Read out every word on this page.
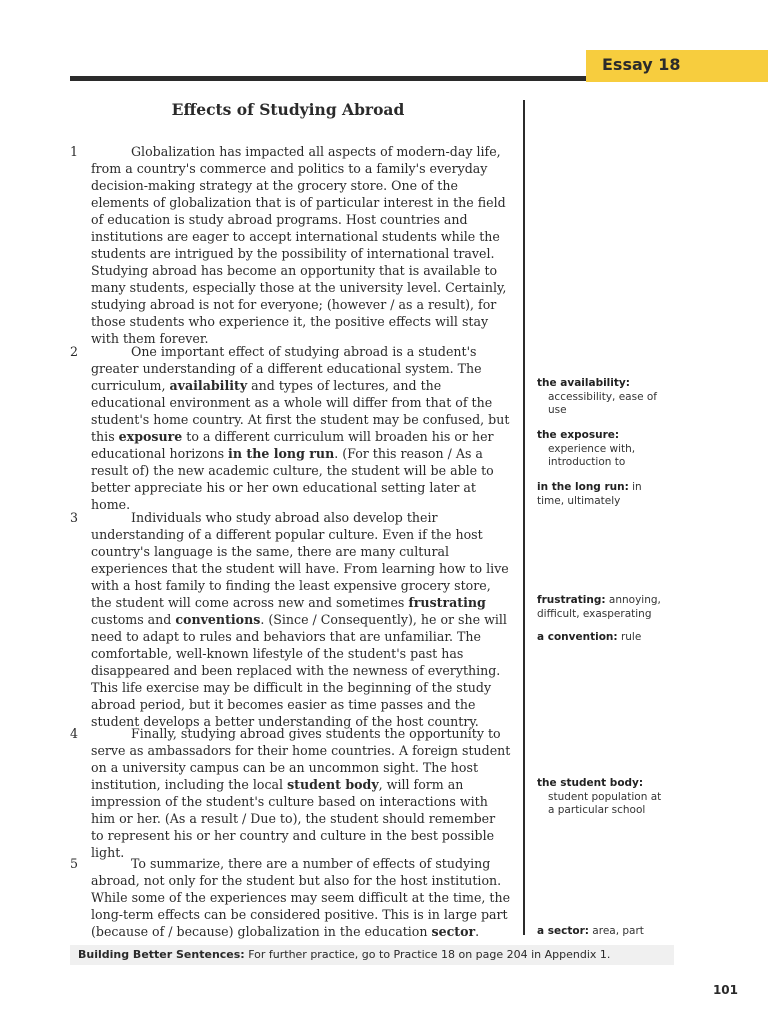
Essay 18
Effects of Studying Abroad
1	Globalization has impacted all aspects of modern-day life, from a country's commerce and politics to a family's everyday decision-making strategy at the grocery store. One of the elements of globalization that is of particular interest in the field of education is study abroad programs. Host countries and institutions are eager to accept international students while the students are intrigued by the possibility of international travel. Studying abroad has become an opportunity that is available to many students, especially those at the university level. Certainly, studying abroad is not for everyone; (however / as a result), for those students who experience it, the positive effects will stay with them forever.

2	One important effect of studying abroad is a student's greater understanding of a different educational system. The curriculum, availability and types of lectures, and the educational environment as a whole will differ from that of the student's home country. At first the student may be confused, but this exposure to a different curriculum will broaden his or her educational horizons in the long run. (For this reason / As a result of) the new academic culture, the student will be able to better appreciate his or her own educational setting later at home.

3	Individuals who study abroad also develop their understanding of a different popular culture. Even if the host country's language is the same, there are many cultural experiences that the student will have. From learning how to live with a host family to finding the least expensive grocery store, the student will come across new and sometimes frustrating customs and conventions. (Since / Consequently), he or she will need to adapt to rules and behaviors that are unfamiliar. The comfortable, well-known lifestyle of the student's past has disappeared and been replaced with the newness of everything. This life exercise may be difficult in the beginning of the study abroad period, but it becomes easier as time passes and the student develops a better understanding of the host country.

4	Finally, studying abroad gives students the opportunity to serve as ambassadors for their home countries. A foreign student on a university campus can be an uncommon sight. The host institution, including the local student body, will form an impression of the student's culture based on interactions with him or her. (As a result / Due to), the student should remember to represent his or her country and culture in the best possible light.

5	To summarize, there are a number of effects of studying abroad, not only for the student but also for the host institution. While some of the experiences may seem difficult at the time, the long-term effects can be considered positive. This is in large part (because of / because) globalization in the education sector.

the availability:
accessibility, ease of use
the exposure:
experience with, introduction to
in the long run: in time, ultimately
frustrating: annoying, difficult, exasperating
a convention: rule
the student body:
student population at a particular school
a sector: area, part
Building Better Sentences: For further practice, go to Practice 18 on page 204 in Appendix 1.
101
